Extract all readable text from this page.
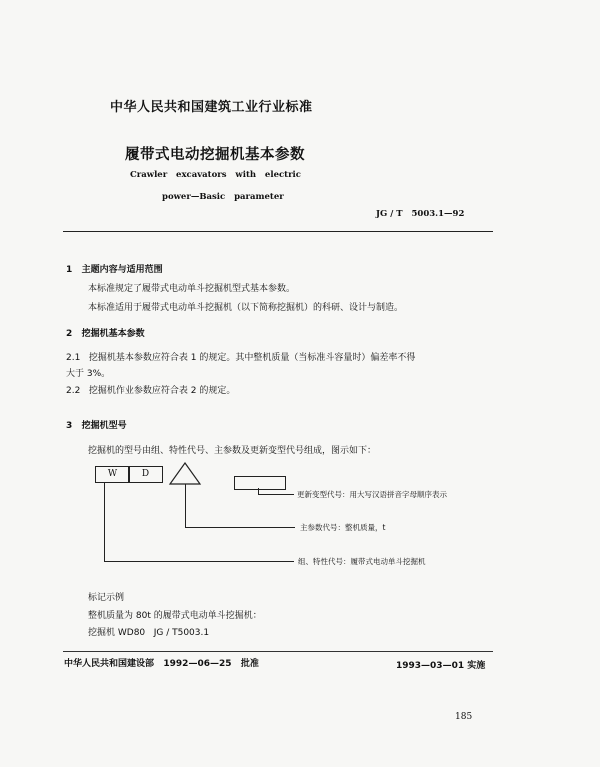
中华人民共和国建筑工业行业标准
履带式电动挖掘机基本参数
Crawler   excavators   with   electric
power—Basic   parameter
JG / T   5003.1—92
1   主题内容与适用范围
本标准规定了履带式电动单斗挖掘机型式基本参数。
本标准适用于履带式电动单斗挖掘机（以下简称挖掘机）的科研、设计与制造。
2   挖掘机基本参数
2.1   挖掘机基本参数应符合表 1 的规定。其中整机质量（当标准斗容量时）偏差率不得
大于 3%。
2.2   挖掘机作业参数应符合表 2 的规定。
3   挖掘机型号
挖掘机的型号由组、特性代号、主参数及更新变型代号组成，图示如下：
W	D
更新变型代号：用大写汉语拼音字母顺序表示
主参数代号：整机质量，t
组、特性代号：履带式电动单斗挖掘机
标记示例
整机质量为 80t 的履带式电动单斗挖掘机：
挖掘机 WD80   JG / T5003.1
中华人民共和国建设部   1992—06—25   批准	1993—03—01 实施
185
